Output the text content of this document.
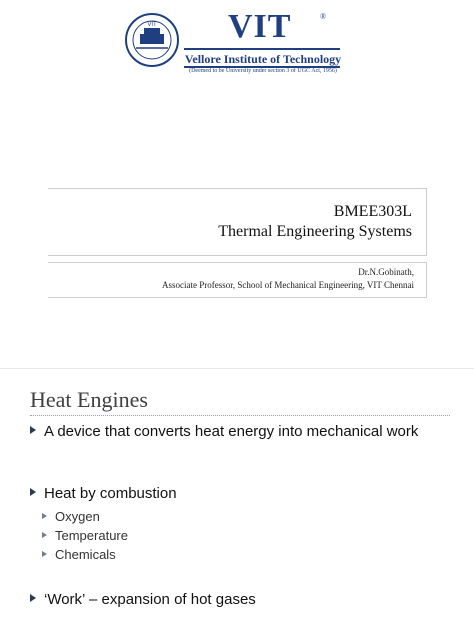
VIT VIT	®
Vellore Institute of Technology
(Deemed to be University under section 3 of UGC Act, 1956)
BMEE303L
Thermal Engineering Systems
Dr.N.Gobinath,
Associate Professor, School of Mechanical Engineering, VIT Chennai
Heat Engines
A device that converts heat energy into mechanical work
Heat by combustion
Oxygen
Temperature
Chemicals
‘Work’ – expansion of hot gases
